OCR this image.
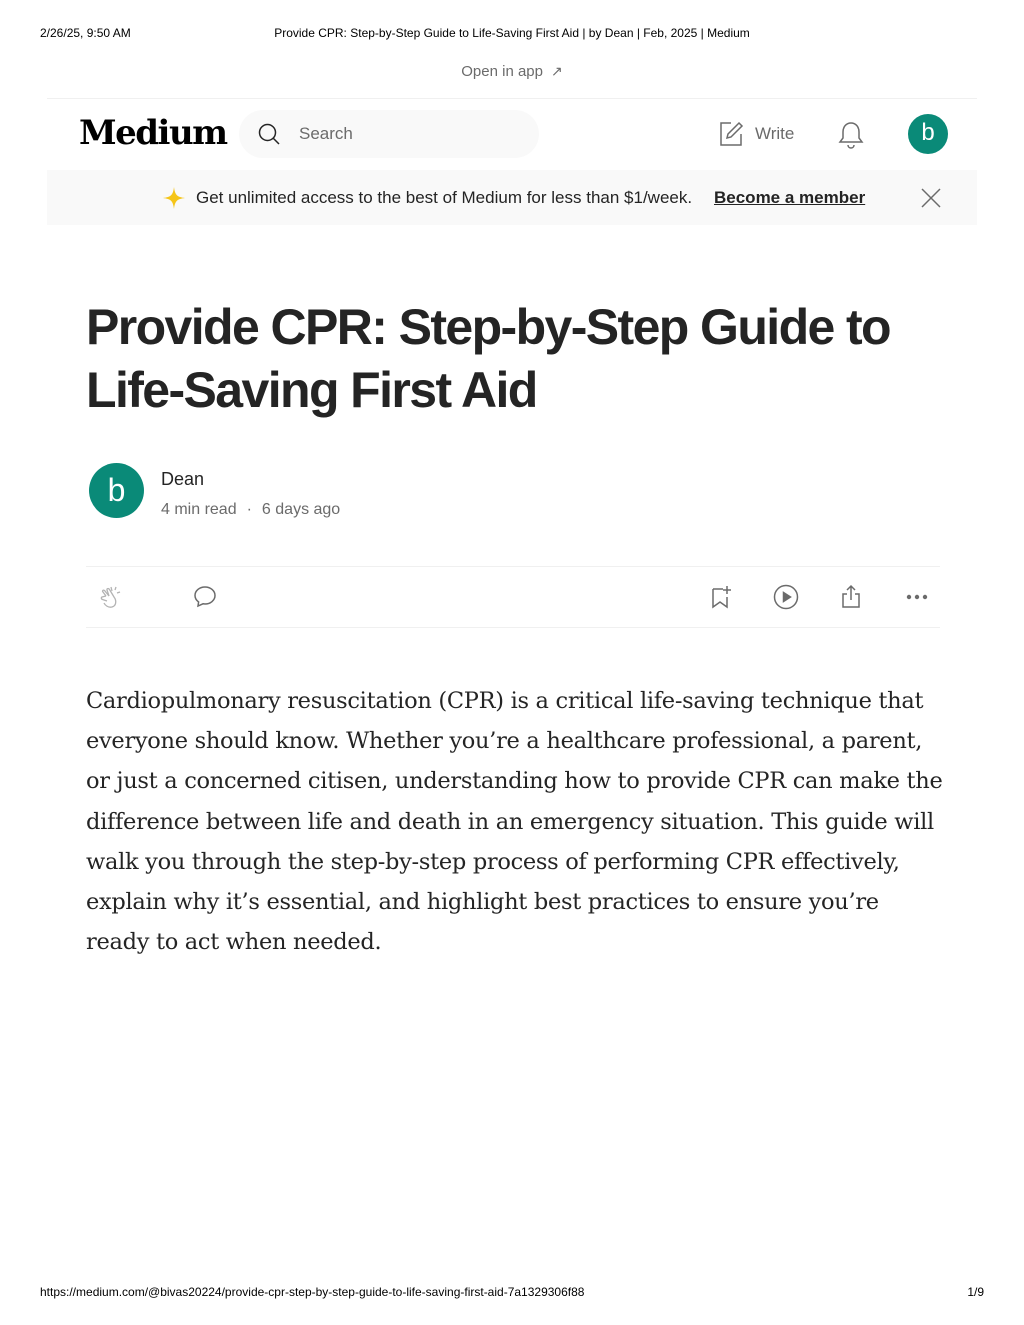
2/26/25, 9:50 AM	Provide CPR: Step-by-Step Guide to Life-Saving First Aid | by Dean | Feb, 2025 | Medium
Open in app ↗
Medium	Search	Write	b
Get unlimited access to the best of Medium for less than $1/week. Become a member
Provide CPR: Step-by-Step Guide to Life-Saving First Aid
b	Dean
4 min read · 6 days ago

Cardiopulmonary resuscitation (CPR) is a critical life-saving technique that everyone should know. Whether you’re a healthcare professional, a parent, or just a concerned citisen, understanding how to provide CPR can make the difference between life and death in an emergency situation. This guide will walk you through the step-by-step process of performing CPR effectively, explain why it’s essential, and highlight best practices to ensure you’re ready to act when needed.

https://medium.com/@bivas20224/provide-cpr-step-by-step-guide-to-life-saving-first-aid-7a1329306f88	1/9
